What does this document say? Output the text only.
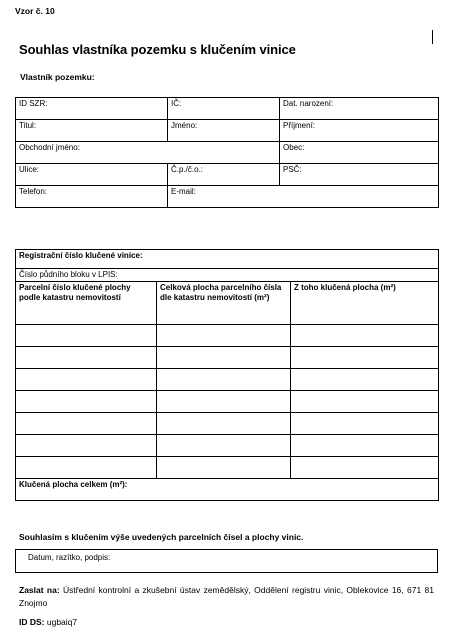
Vzor č. 10
Souhlas vlastníka pozemku s klučením vinice
Vlastník pozemku:
ID SZR:	IČ:	Dat. narození:
Titul:	Jméno:	Příjmení:
Obchodní jméno:		Obec:
Ulice:	Č.p./č.o.:	PSČ:
Telefon:	E-mail:	
Registrační číslo klučené vinice:		
Číslo půdního bloku v LPIS:		
Parcelní číslo klučené plochy podle katastru nemovitostí	Celková plocha parcelního čísla dle katastru nemovitostí (m²)	Z toho klučená plocha (m²)

Klučená plocha celkem (m²):		
Souhlasím s klučením výše uvedených parcelních čísel a plochy vinic.
Datum, razítko, podpis:
Zaslat na: Ústřední kontrolní a zkušební ústav zemědělský, Oddělení registru vinic, Oblekovice 16, 671 81 Znojmo
ID DS: ugbaiq7
